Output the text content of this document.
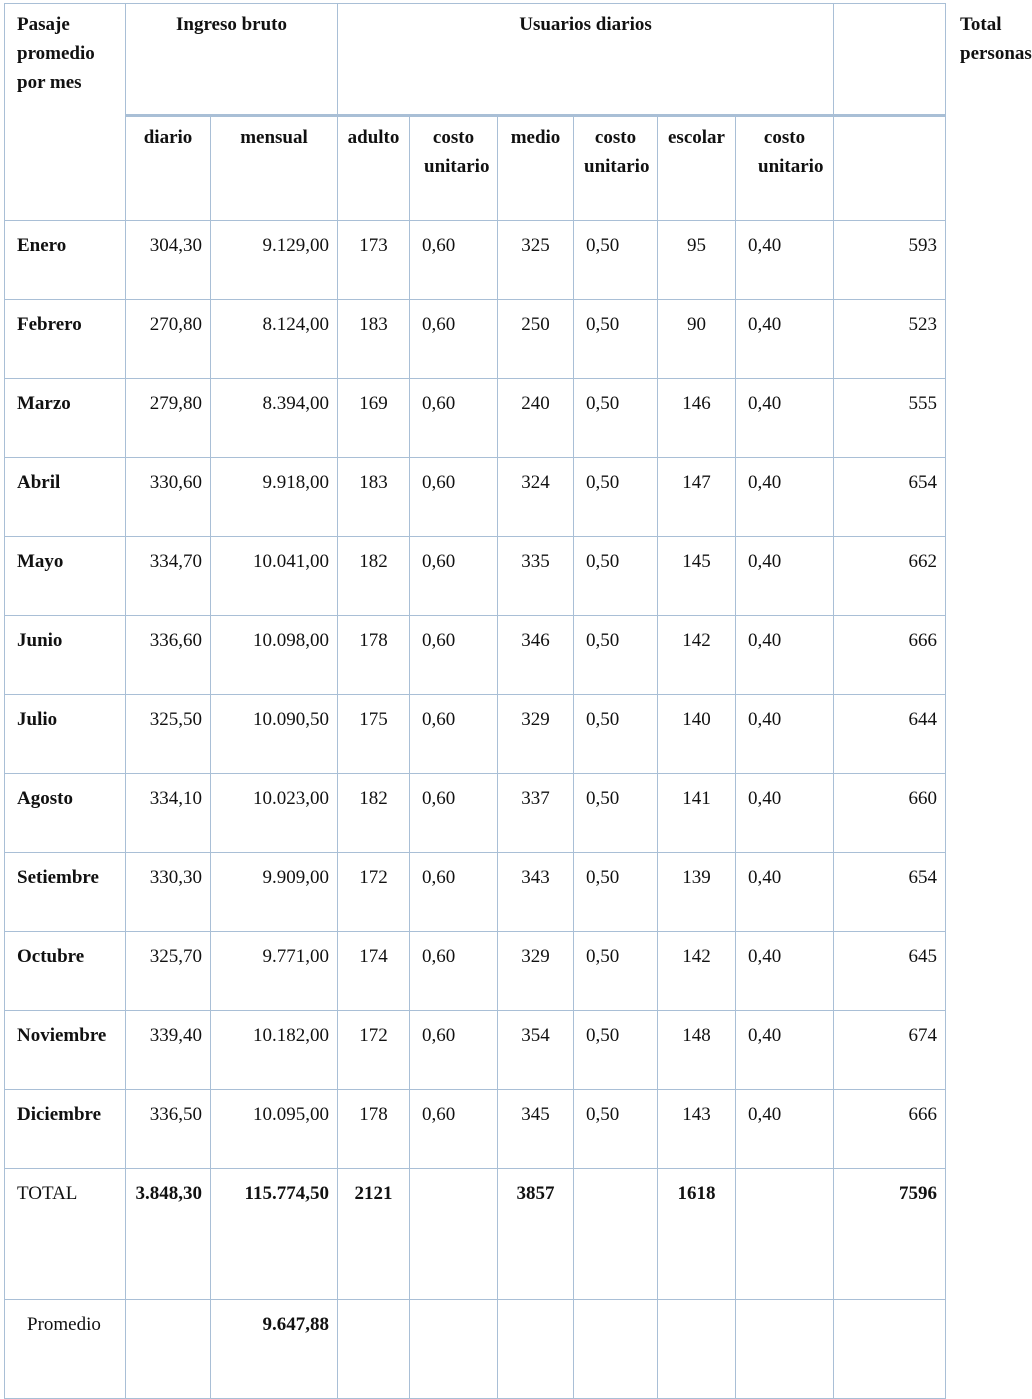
Pasaje promedio por mes	Ingreso bruto		Usuarios diarios							Total personas
	diario	mensual	adulto	costo unitario	medio	costo unitario	escolar	costo unitario		
Enero	304,30	9.129,00	173	0,60	325	0,50	95	0,40	593	
Febrero	270,80	8.124,00	183	0,60	250	0,50	90	0,40	523	
Marzo	279,80	8.394,00	169	0,60	240	0,50	146	0,40	555	
Abril	330,60	9.918,00	183	0,60	324	0,50	147	0,40	654	
Mayo	334,70	10.041,00	182	0,60	335	0,50	145	0,40	662	
Junio	336,60	10.098,00	178	0,60	346	0,50	142	0,40	666	
Julio	325,50	10.090,50	175	0,60	329	0,50	140	0,40	644	
Agosto	334,10	10.023,00	182	0,60	337	0,50	141	0,40	660	
Setiembre	330,30	9.909,00	172	0,60	343	0,50	139	0,40	654	
Octubre	325,70	9.771,00	174	0,60	329	0,50	142	0,40	645	
Noviembre	339,40	10.182,00	172	0,60	354	0,50	148	0,40	674	
Diciembre	336,50	10.095,00	178	0,60	345	0,50	143	0,40	666	
TOTAL	3.848,30	115.774,50	2121		3857		1618		7596	
Promedio		9.647,88								
